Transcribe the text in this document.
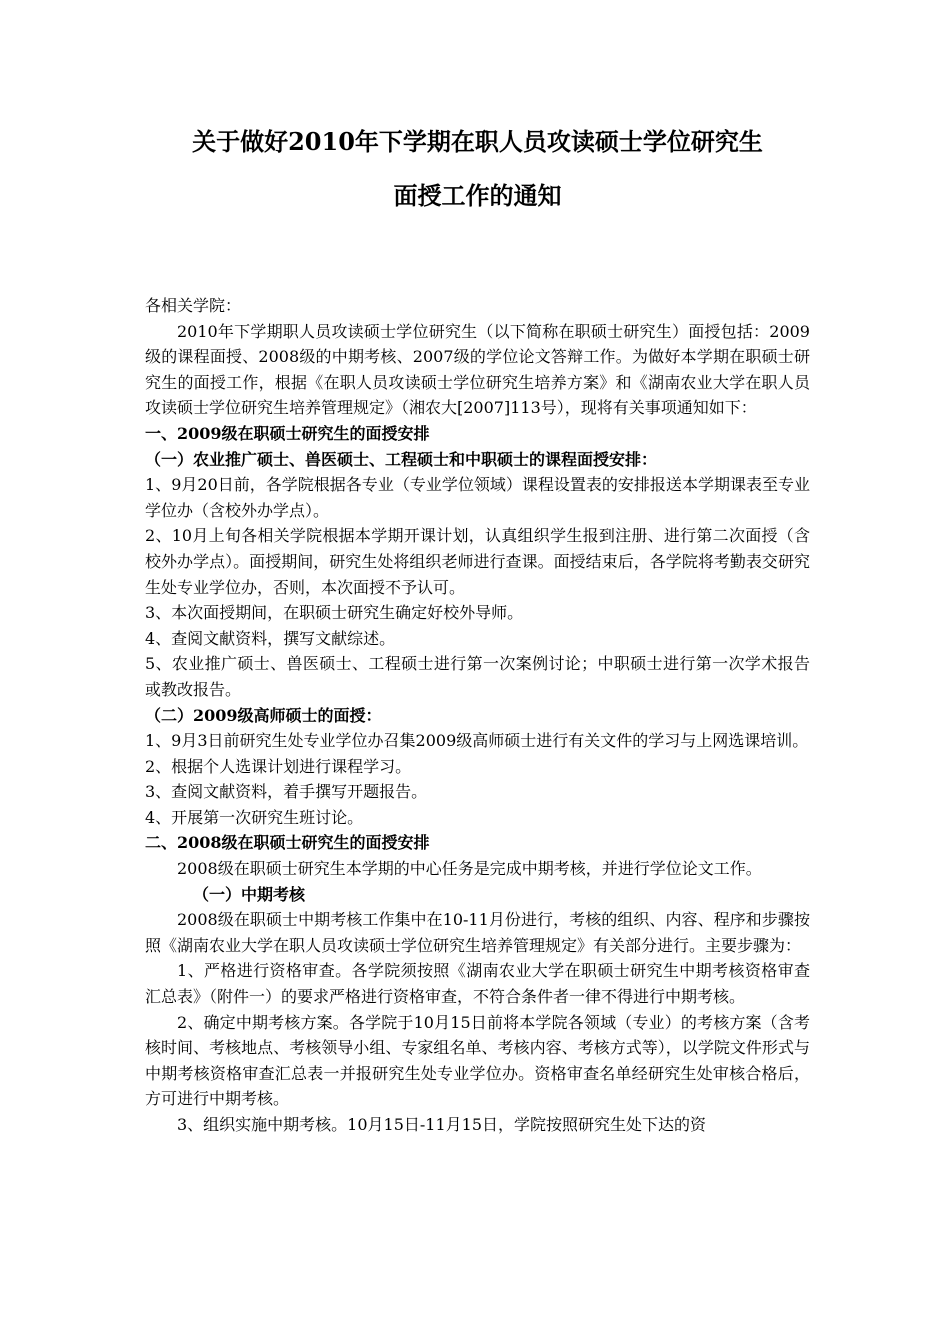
关于做好2010年下学期在职人员攻读硕士学位研究生
面授工作的通知

各相关学院：

2010年下学期职人员攻读硕士学位研究生（以下简称在职硕士研究生）面授包括：2009级的课程面授、2008级的中期考核、2007级的学位论文答辩工作。为做好本学期在职硕士研究生的面授工作，根据《在职人员攻读硕士学位研究生培养方案》和《湖南农业大学在职人员攻读硕士学位研究生培养管理规定》（湘农大[2007]113号），现将有关事项通知如下：

一、2009级在职硕士研究生的面授安排

（一）农业推广硕士、兽医硕士、工程硕士和中职硕士的课程面授安排：

1、9月20日前，各学院根据各专业（专业学位领域）课程设置表的安排报送本学期课表至专业学位办（含校外办学点）。

2、10月上旬各相关学院根据本学期开课计划，认真组织学生报到注册、进行第二次面授（含校外办学点）。面授期间，研究生处将组织老师进行查课。面授结束后，各学院将考勤表交研究生处专业学位办，否则，本次面授不予认可。

3、本次面授期间，在职硕士研究生确定好校外导师。

4、查阅文献资料，撰写文献综述。

5、农业推广硕士、兽医硕士、工程硕士进行第一次案例讨论；中职硕士进行第一次学术报告或教改报告。

（二）2009级高师硕士的面授：

1、9月3日前研究生处专业学位办召集2009级高师硕士进行有关文件的学习与上网选课培训。

2、根据个人选课计划进行课程学习。

3、查阅文献资料，着手撰写开题报告。

4、开展第一次研究生班讨论。

二、2008级在职硕士研究生的面授安排

2008级在职硕士研究生本学期的中心任务是完成中期考核，并进行学位论文工作。

（一）中期考核

2008级在职硕士中期考核工作集中在10-11月份进行，考核的组织、内容、程序和步骤按照《湖南农业大学在职人员攻读硕士学位研究生培养管理规定》有关部分进行。主要步骤为：

1、严格进行资格审查。各学院须按照《湖南农业大学在职硕士研究生中期考核资格审查汇总表》（附件一）的要求严格进行资格审查，不符合条件者一律不得进行中期考核。

2、确定中期考核方案。各学院于10月15日前将本学院各领域（专业）的考核方案（含考核时间、考核地点、考核领导小组、专家组名单、考核内容、考核方式等），以学院文件形式与中期考核资格审查汇总表一并报研究生处专业学位办。资格审查名单经研究生处审核合格后，方可进行中期考核。

3、组织实施中期考核。10月15日-11月15日，学院按照研究生处下达的资
